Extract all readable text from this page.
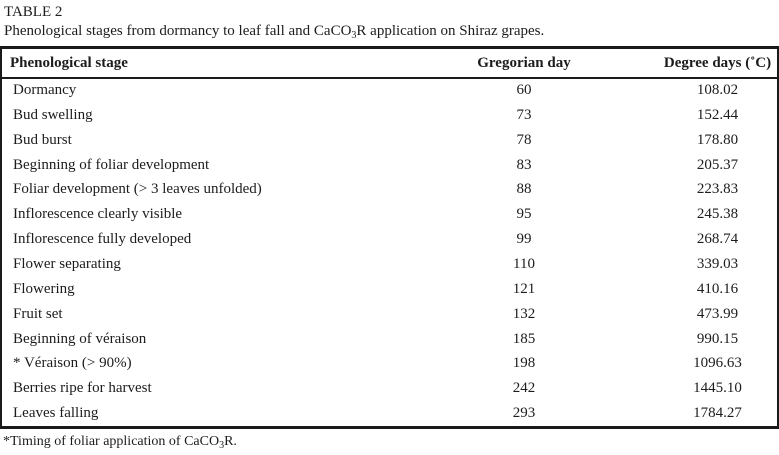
TABLE 2
Phenological stages from dormancy to leaf fall and CaCO$_3$R application on Shiraz grapes.
Phenological stage	Gregorian day	Degree days (˚C)
Dormancy	60	108.02
Bud swelling	73	152.44
Bud burst	78	178.80
Beginning of foliar development	83	205.37
Foliar development (> 3 leaves unfolded)	88	223.83
Inflorescence clearly visible	95	245.38
Inflorescence fully developed	99	268.74
Flower separating	110	339.03
Flowering	121	410.16
Fruit set	132	473.99
Beginning of véraison	185	990.15
* Véraison (> 90%)	198	1096.63
Berries ripe for harvest	242	1445.10
Leaves falling	293	1784.27
*Timing of foliar application of CaCO$_3$R.
